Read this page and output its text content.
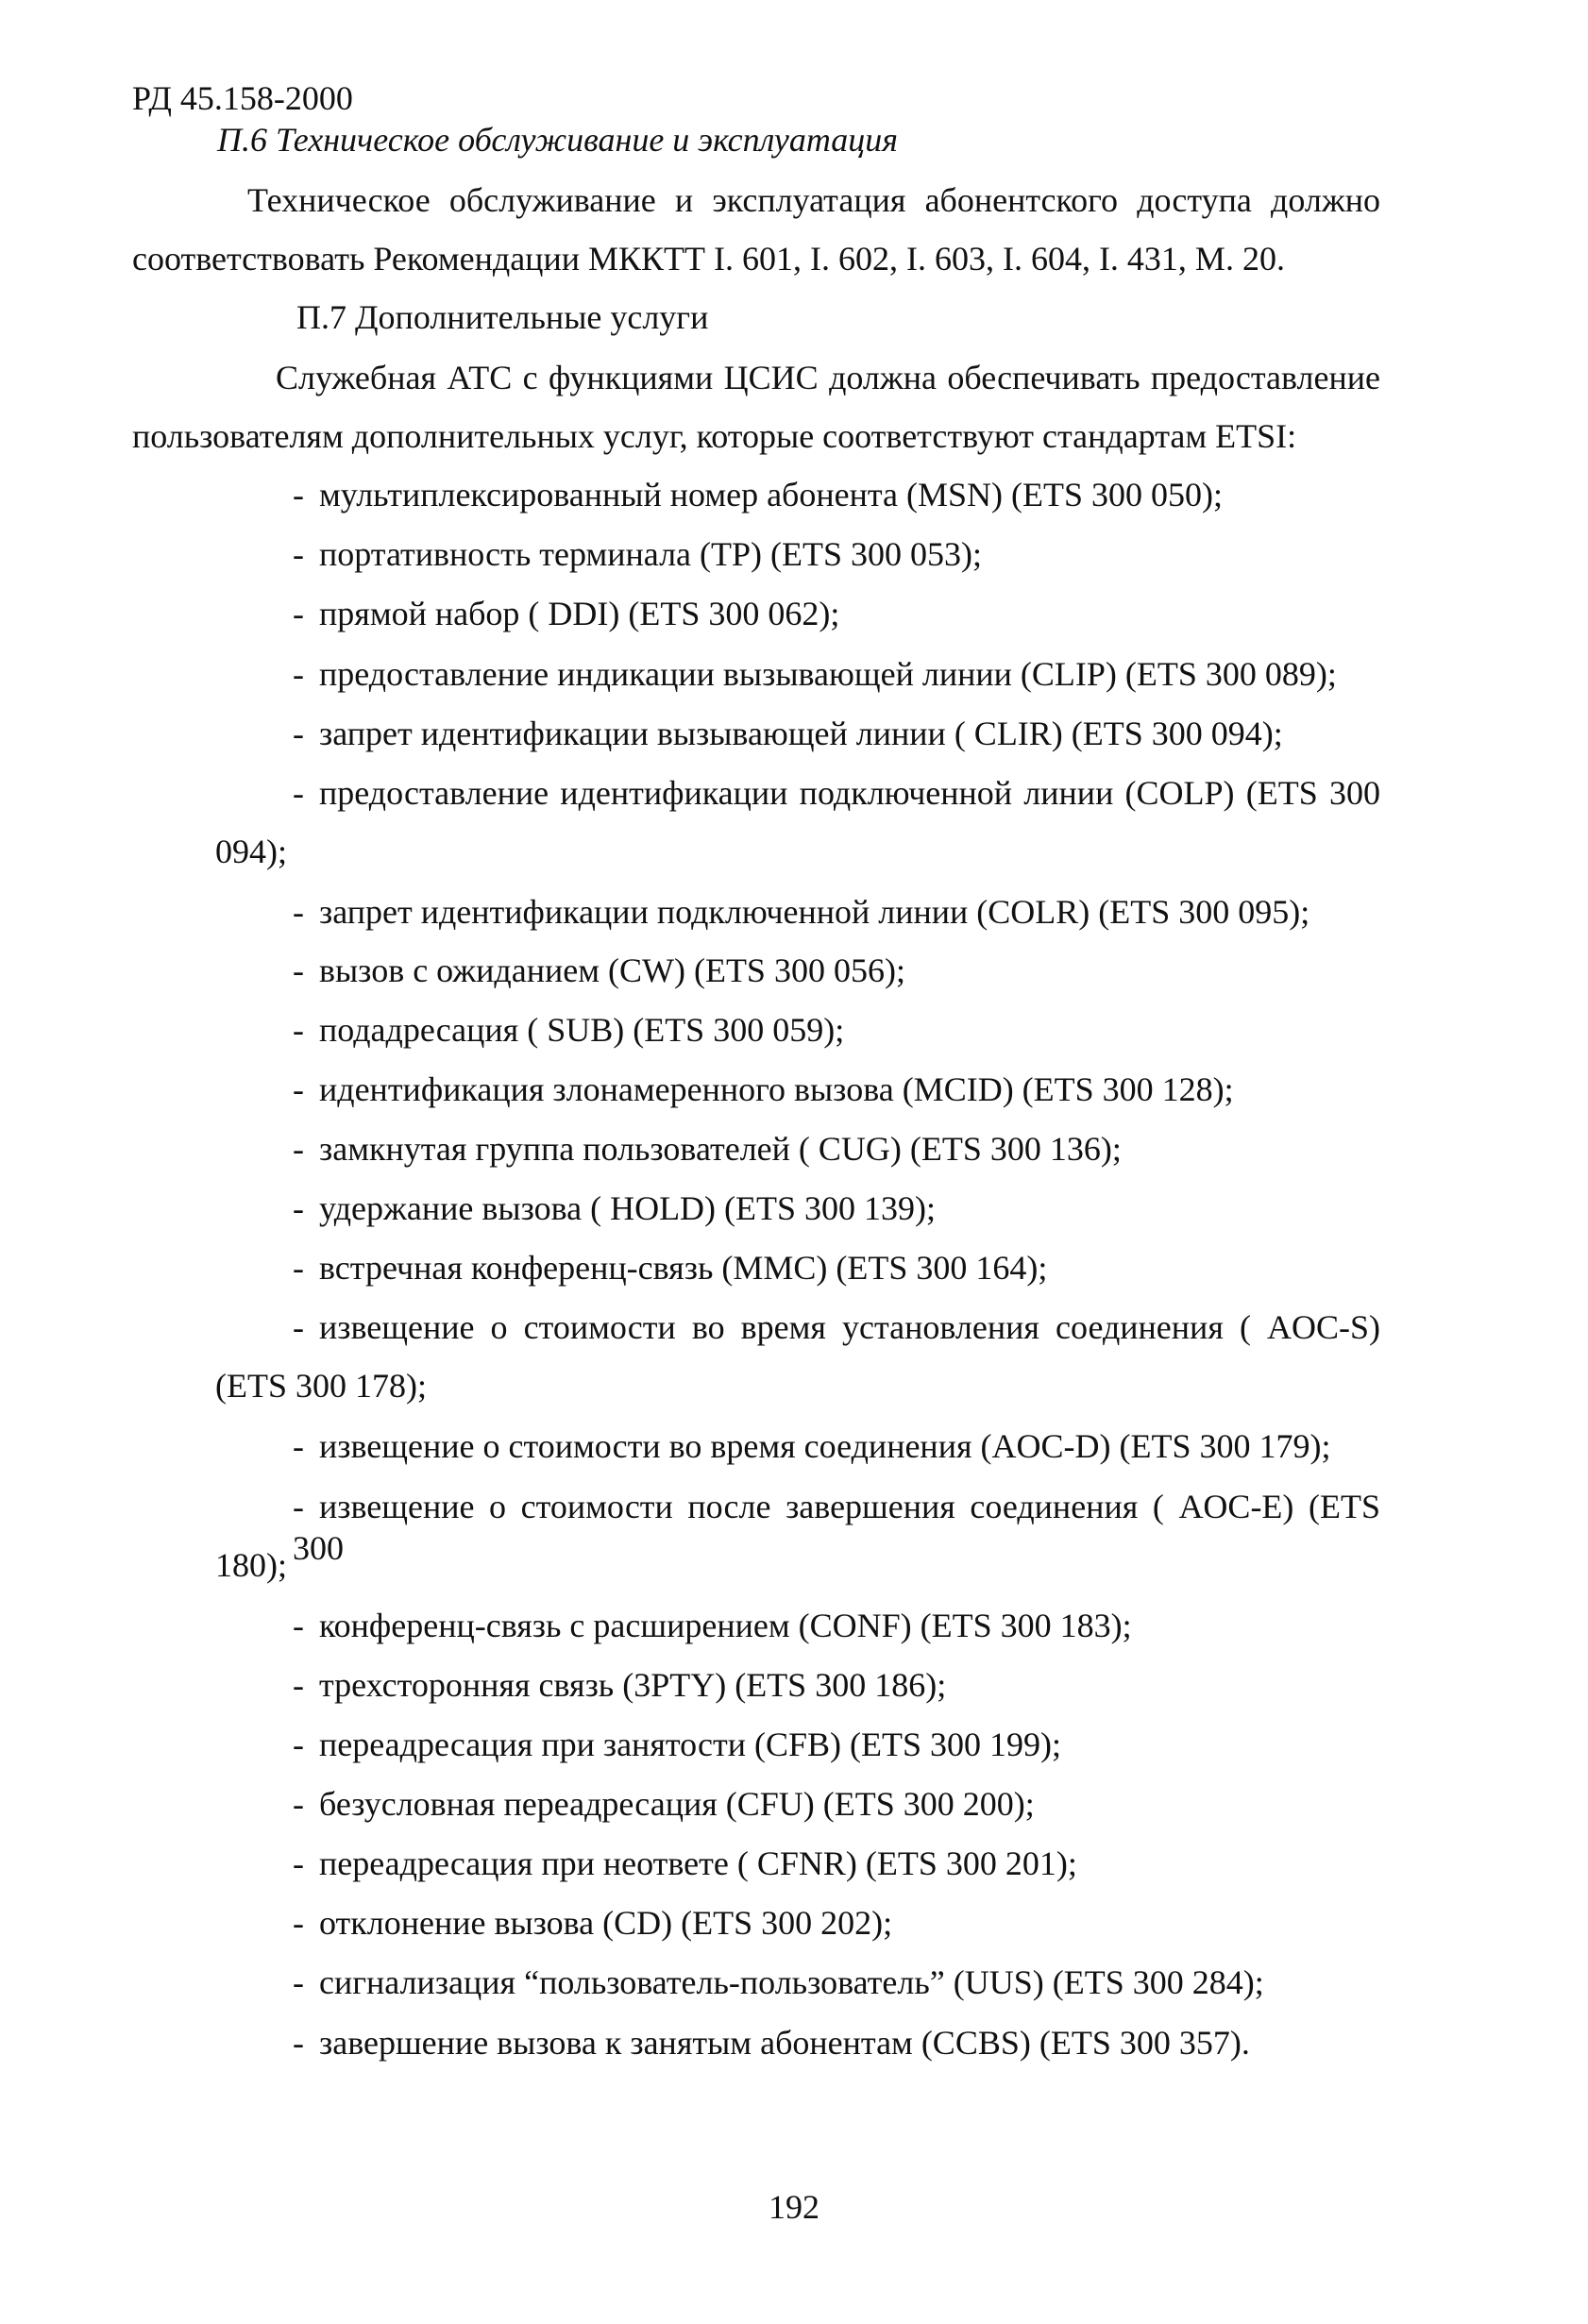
РД 45.158-2000
П.6 Техническое обслуживание и эксплуатация
Техническое обслуживание и эксплуатация абонентского доступа должно
соответствовать Рекомендации МККТТ I. 601, I. 602, I. 603, I. 604, I. 431, M. 20.
П.7 Дополнительные услуги
Служебная АТС с функциями ЦСИС должна обеспечивать предоставление
пользователям дополнительных услуг, которые соответствуют стандартам ETSI:
- мультиплексированный номер абонента (MSN) (ETS 300 050);
- портативность терминала (TP) (ETS 300 053);
- прямой набор ( DDI) (ETS 300 062);
- предоставление индикации вызывающей линии (CLIP) (ETS 300 089);
- запрет идентификации вызывающей линии ( CLIR) (ETS 300 094);
- предоставление идентификации подключенной линии (COLP) (ETS 300
094);
- запрет идентификации подключенной линии (COLR) (ETS 300 095);
- вызов с ожиданием (CW) (ETS 300 056);
- подадресация ( SUB) (ETS 300 059);
- идентификация злонамеренного вызова (MCID) (ETS 300 128);
- замкнутая группа пользователей ( CUG) (ETS 300 136);
- удержание вызова ( HOLD) (ETS 300 139);
- встречная конференц-связь (MMC) (ETS 300 164);
- извещение о стоимости во время установления соединения ( AOC-S)
(ETS 300 178);
- извещение о стоимости во время соединения (AOC-D) (ETS 300 179);
- извещение о стоимости после завершения соединения ( AOC-E) (ETS 300
180);
- конференц-связь с расширением (CONF) (ETS 300 183);
- трехсторонняя связь (3PTY) (ETS 300 186);
- переадресация при занятости (CFB) (ETS 300 199);
- безусловная переадресация (CFU) (ETS 300 200);
- переадресация при неответе ( CFNR) (ETS 300 201);
- отклонение вызова (CD) (ETS 300 202);
- сигнализация “пользователь-пользователь” (UUS) (ETS 300 284);
- завершение вызова к занятым абонентам (CCBS) (ETS 300 357).
192
